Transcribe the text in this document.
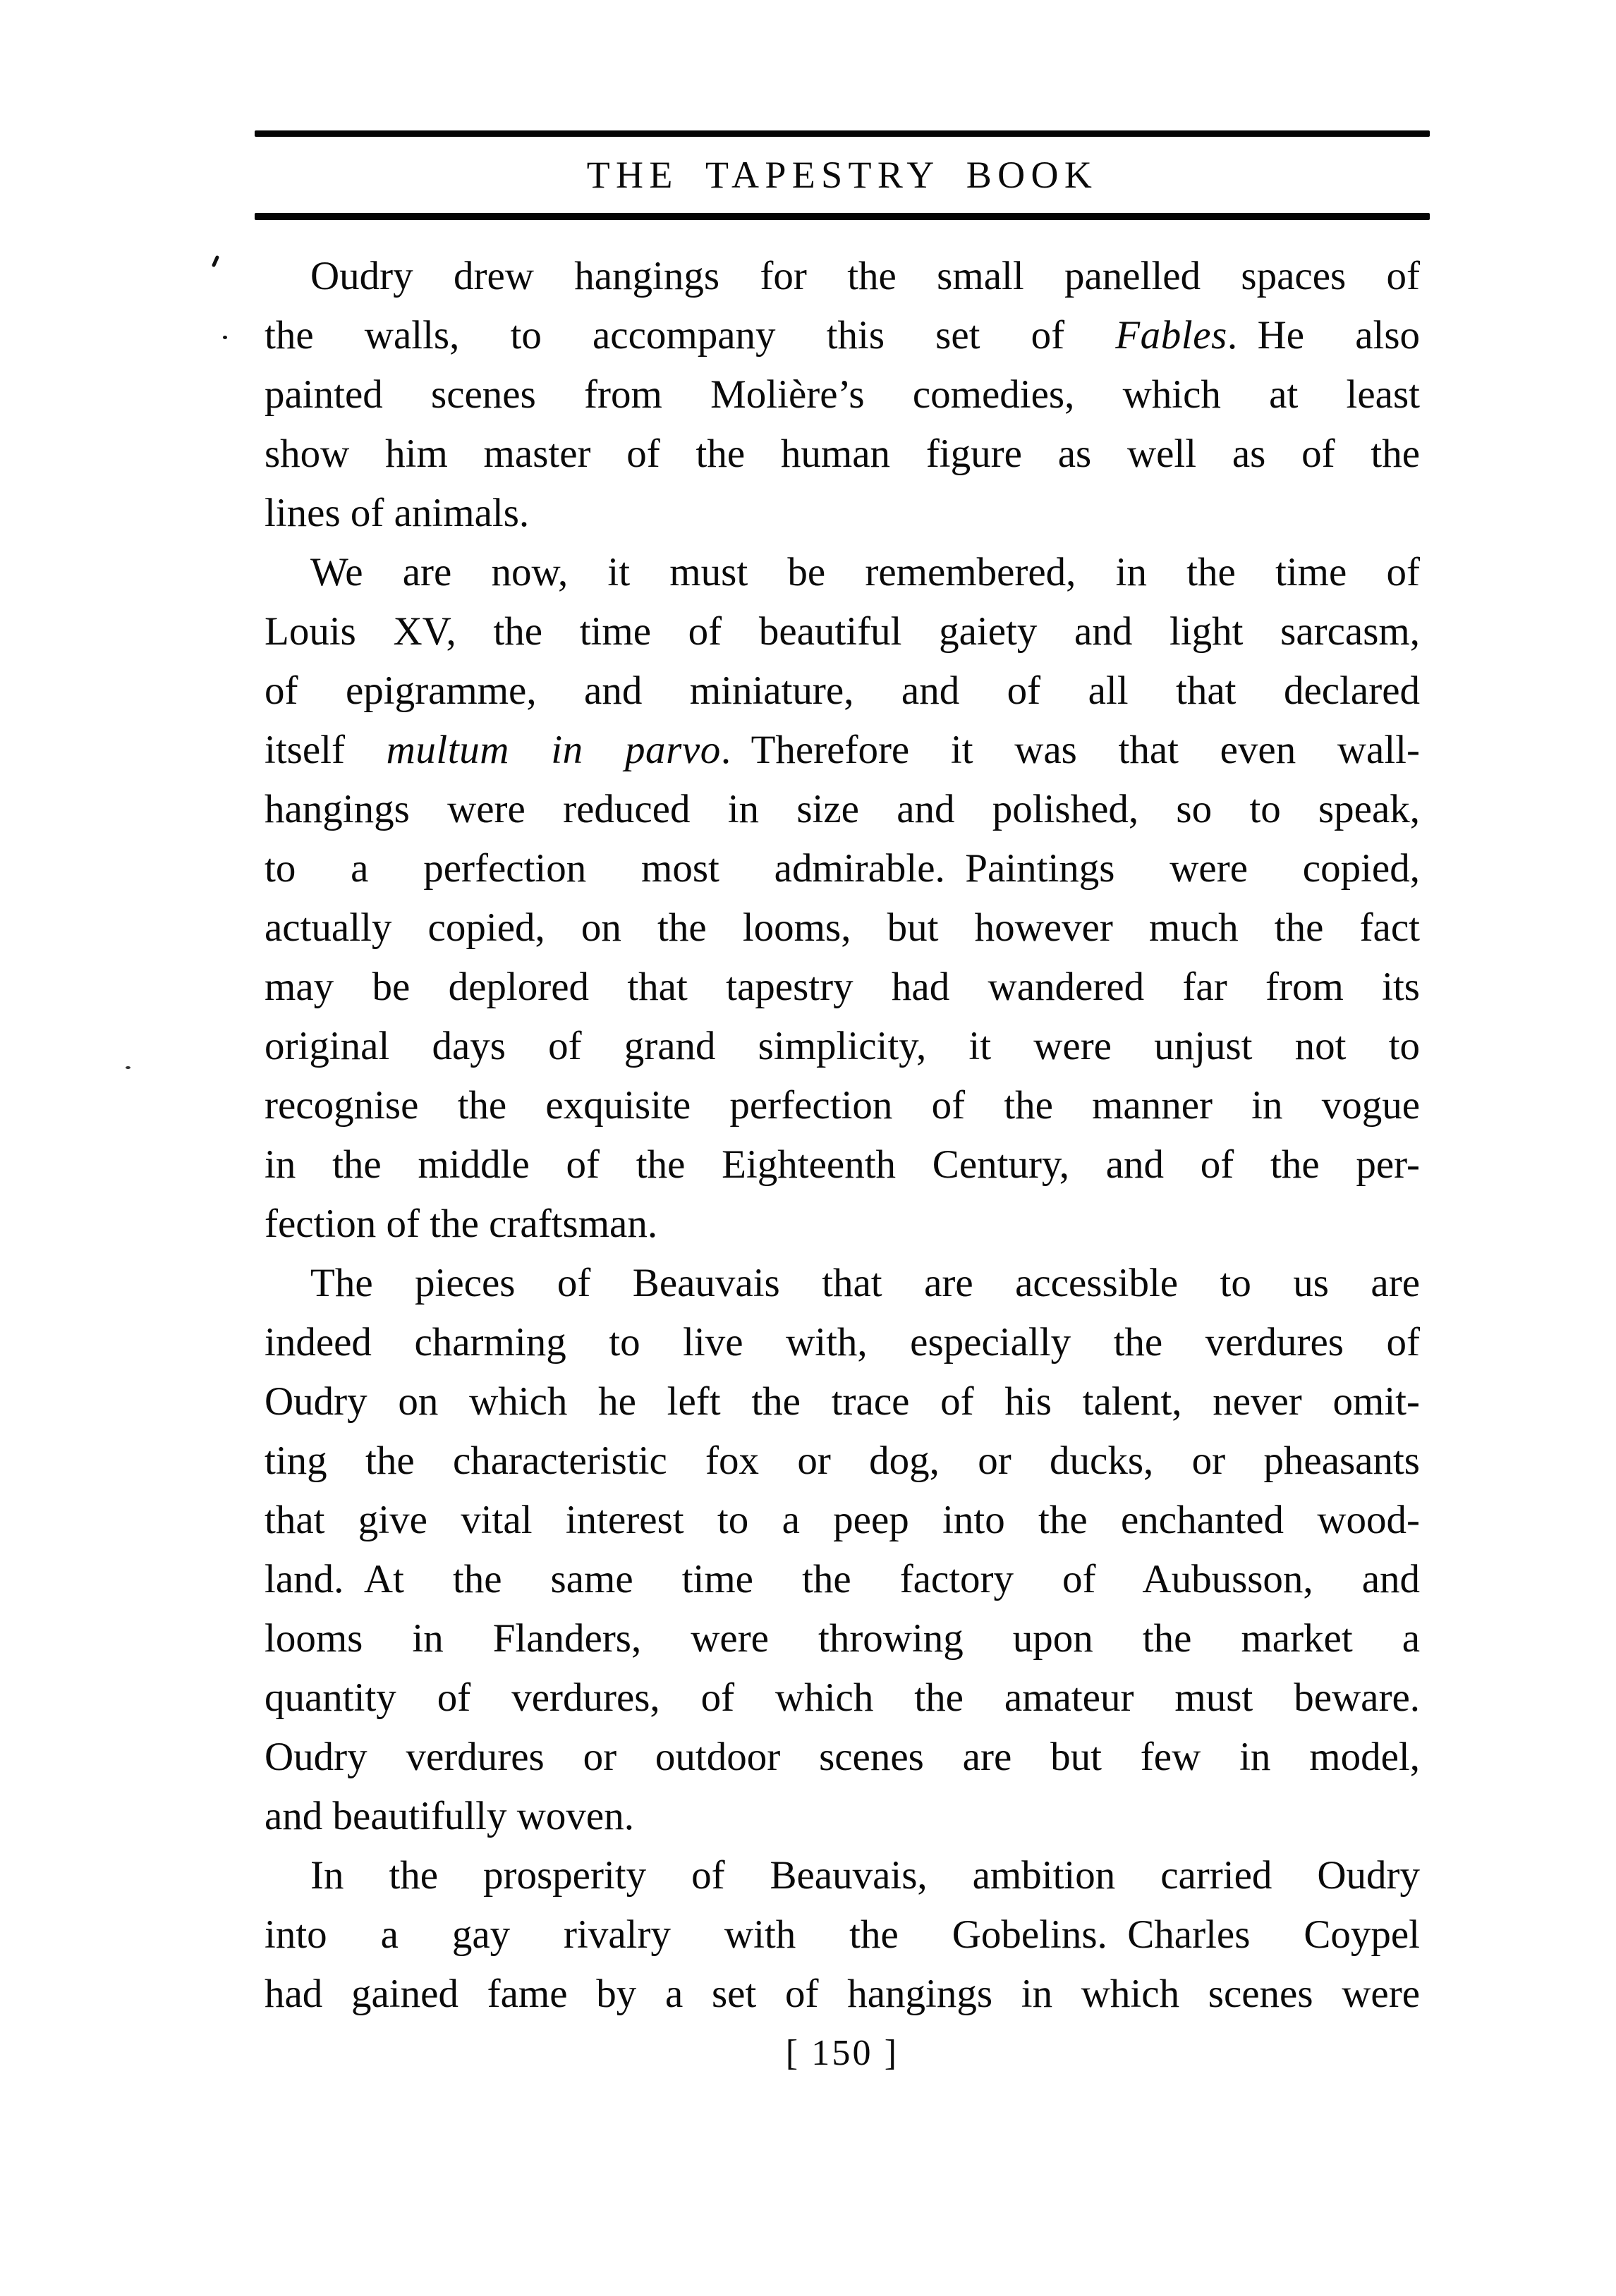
THE TAPESTRY BOOK
Oudry drew hangings for the small panelled spaces of
the walls, to accompany this set of Fables. He also
painted scenes from Molière’s comedies, which at least
show him master of the human figure as well as of the
lines of animals.
We are now, it must be remembered, in the time of
Louis XV, the time of beautiful gaiety and light sarcasm,
of epigramme, and miniature, and of all that declared
itself multum in parvo. Therefore it was that even wall-
hangings were reduced in size and polished, so to speak,
to a perfection most admirable. Paintings were copied,
actually copied, on the looms, but however much the fact
may be deplored that tapestry had wandered far from its
original days of grand simplicity, it were unjust not to
recognise the exquisite perfection of the manner in vogue
in the middle of the Eighteenth Century, and of the per-
fection of the craftsman.
The pieces of Beauvais that are accessible to us are
indeed charming to live with, especially the verdures of
Oudry on which he left the trace of his talent, never omit-
ting the characteristic fox or dog, or ducks, or pheasants
that give vital interest to a peep into the enchanted wood-
land. At the same time the factory of Aubusson, and
looms in Flanders, were throwing upon the market a
quantity of verdures, of which the amateur must beware.
Oudry verdures or outdoor scenes are but few in model,
and beautifully woven.
In the prosperity of Beauvais, ambition carried Oudry
into a gay rivalry with the Gobelins. Charles Coypel
had gained fame by a set of hangings in which scenes were
[ 150 ]
